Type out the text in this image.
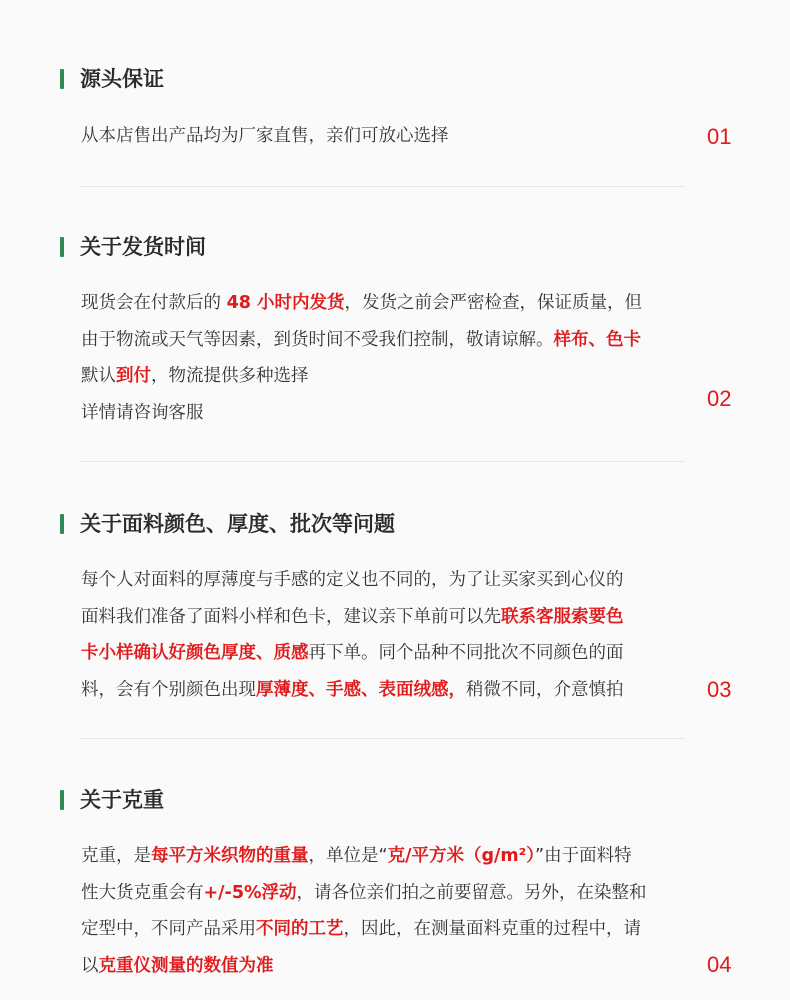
源头保证
从本店售出产品均为厂家直售，亲们可放心选择	01
关于发货时间
现货会在付款后的 48 小时内发货，发货之前会严密检查，保证质量，但
由于物流或天气等因素，到货时间不受我们控制，敬请谅解。样布、色卡
默认到付，物流提供多种选择
详情请咨询客服
02
关于面料颜色、厚度、批次等问题
每个人对面料的厚薄度与手感的定义也不同的，为了让买家买到心仪的
面料我们准备了面料小样和色卡，建议亲下单前可以先联系客服索要色
卡小样确认好颜色厚度、质感再下单。同个品种不同批次不同颜色的面
料，会有个别颜色出现厚薄度、手感、表面绒感，稍微不同，介意慎拍	03
关于克重
克重，是每平方米织物的重量，单位是“克/平方米（g/m²）”由于面料特
性大货克重会有+/-5%浮动，请各位亲们拍之前要留意。另外，在染整和
定型中，不同产品采用不同的工艺，因此，在测量面料克重的过程中，请
以克重仪测量的数值为准	04
